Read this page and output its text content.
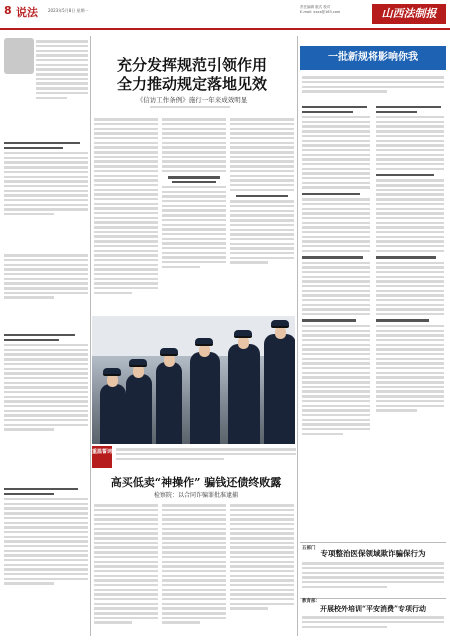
8 说法	2023年5月8日 星期一
责任编辑 版式 校对
E-mail: xxxx@163.com	山西法制报
充分发挥规范引领作用
全力推动规定落地见效
《信访工作条例》施行一年来成效明显
重温誓词
高买低卖“神操作” 骗钱还债终败露
检察院：以合同诈骗罪批准逮捕
一批新规将影响你我
五部门
专项整治医保领域欺诈骗保行为
教育部：
开展校外培训“平安消费”专项行动
